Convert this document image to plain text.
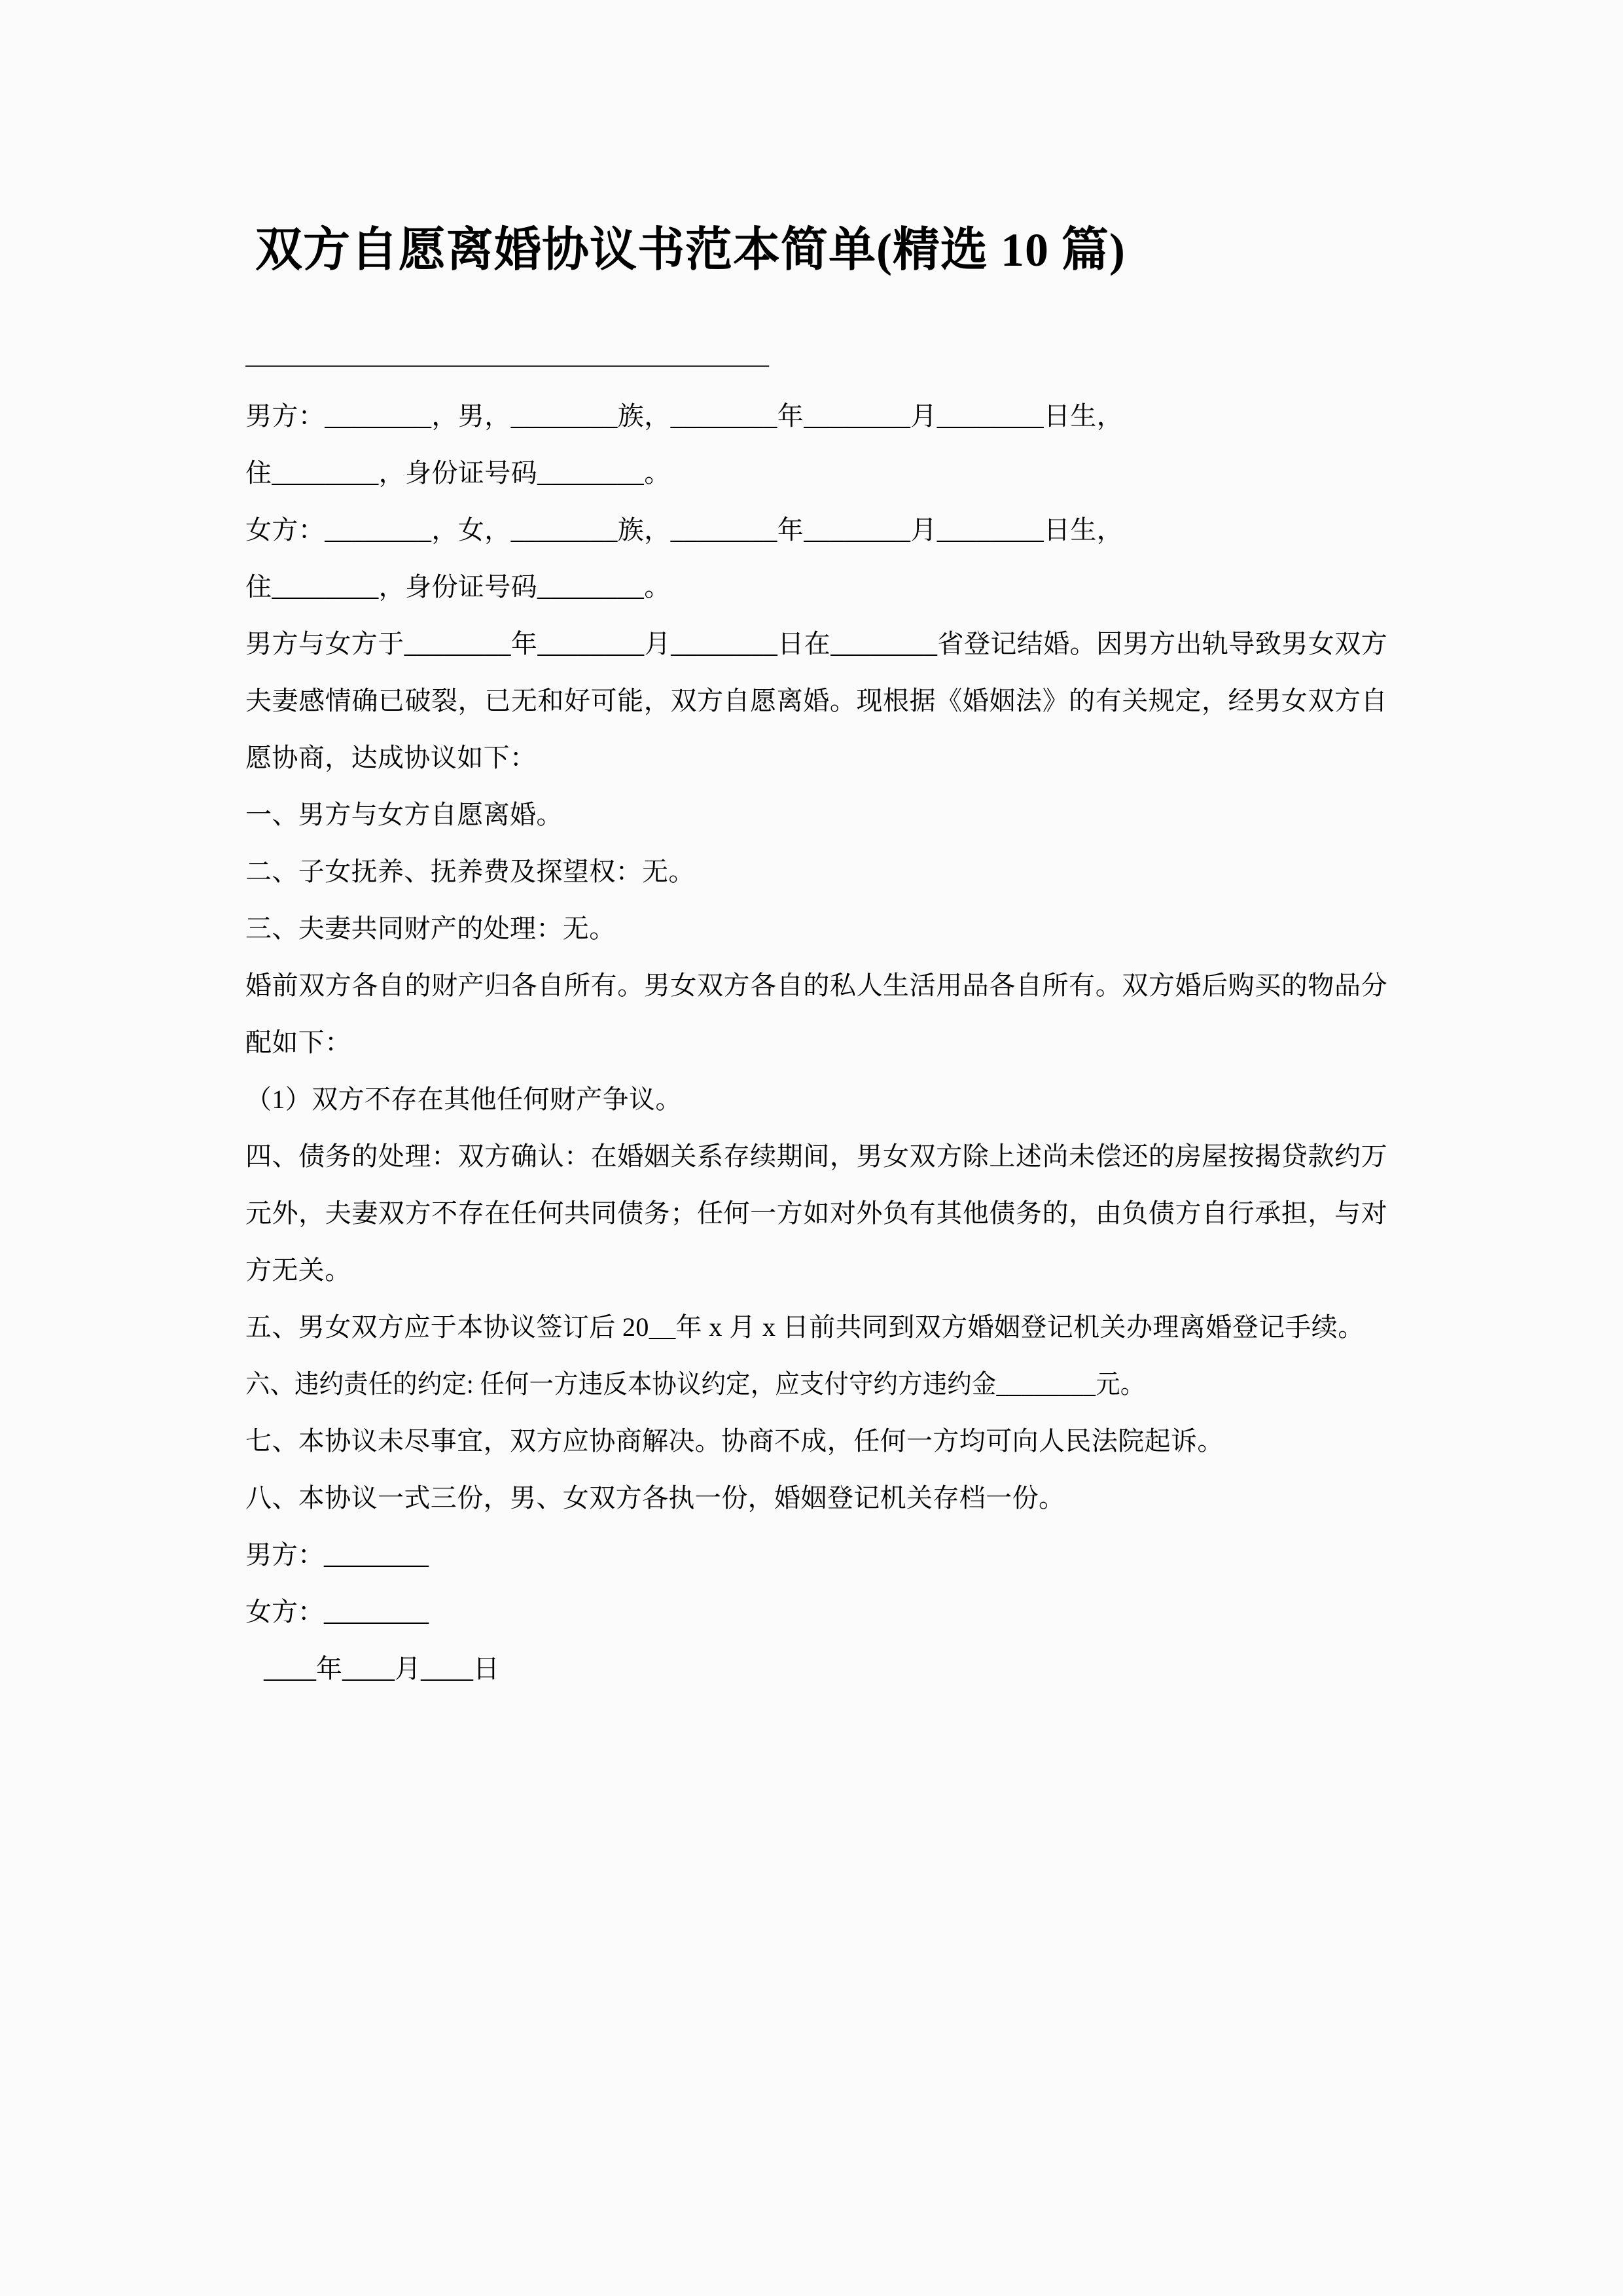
双方自愿离婚协议书范本简单(精选 10 篇)
————————————————————

男方：________，男，________族，________年________月________日生，

住________，身份证号码________。

女方：________，女，________族，________年________月________日生，

住________，身份证号码________。

男方与女方于________年________月________日在________省登记结婚。因男方出轨导致男女双方夫妻感情确已破裂，已无和好可能，双方自愿离婚。现根据《婚姻法》的有关规定，经男女双方自愿协商，达成协议如下：

一、男方与女方自愿离婚。

二、子女抚养、抚养费及探望权：无。

三、夫妻共同财产的处理：无。

婚前双方各自的财产归各自所有。男女双方各自的私人生活用品各自所有。双方婚后购买的物品分配如下：

（1）双方不存在其他任何财产争议。

四、债务的处理：双方确认：在婚姻关系存续期间，男女双方除上述尚未偿还的房屋按揭贷款约万元外，夫妻双方不存在任何共同债务；任何一方如对外负有其他债务的，由负债方自行承担，与对方无关。

五、男女双方应于本协议签订后 20__年 x 月 x 日前共同到双方婚姻登记机关办理离婚登记手续。

六、违约责任的约定: 任何一方违反本协议约定，应支付守约方违约金________元。

七、本协议未尽事宜，双方应协商解决。协商不成，任何一方均可向人民法院起诉。

八、本协议一式三份，男、女双方各执一份，婚姻登记机关存档一份。

男方：________
女方：________
____年____月____日
